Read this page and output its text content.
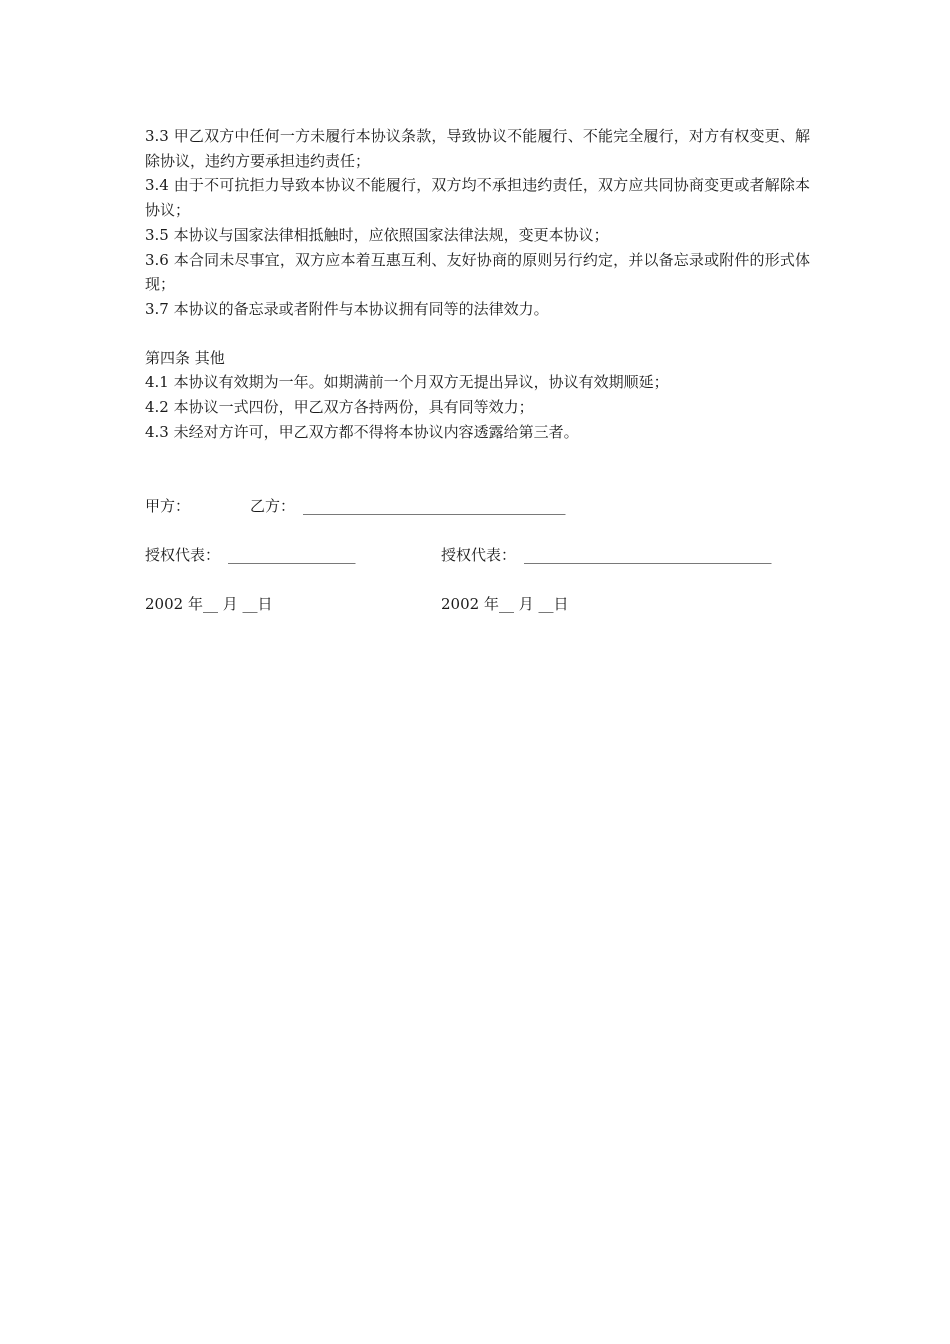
3.3 甲乙双方中任何一方未履行本协议条款，导致协议不能履行、不能完全履行，对方有权变更、解除协议，违约方要承担违约责任；

3.4 由于不可抗拒力导致本协议不能履行，双方均不承担违约责任，双方应共同协商变更或者解除本协议；

3.5 本协议与国家法律相抵触时，应依照国家法律法规，变更本协议；

3.6 本合同未尽事宜，双方应本着互惠互利、友好协商的原则另行约定，并以备忘录或附件的形式体现；

3.7 本协议的备忘录或者附件与本协议拥有同等的法律效力。

第四条 其他

4.1 本协议有效期为一年。如期满前一个月双方无提出异议，协议有效期顺延；

4.2 本协议一式四份，甲乙双方各持两份，具有同等效力；

4.3 未经对方许可，甲乙双方都不得将本协议内容透露给第三者。

甲方：	乙方： ___________________________________
授权代表： _________________	授权代表： _________________________________
2002 年__ 月 __日	2002 年__ 月 __日
